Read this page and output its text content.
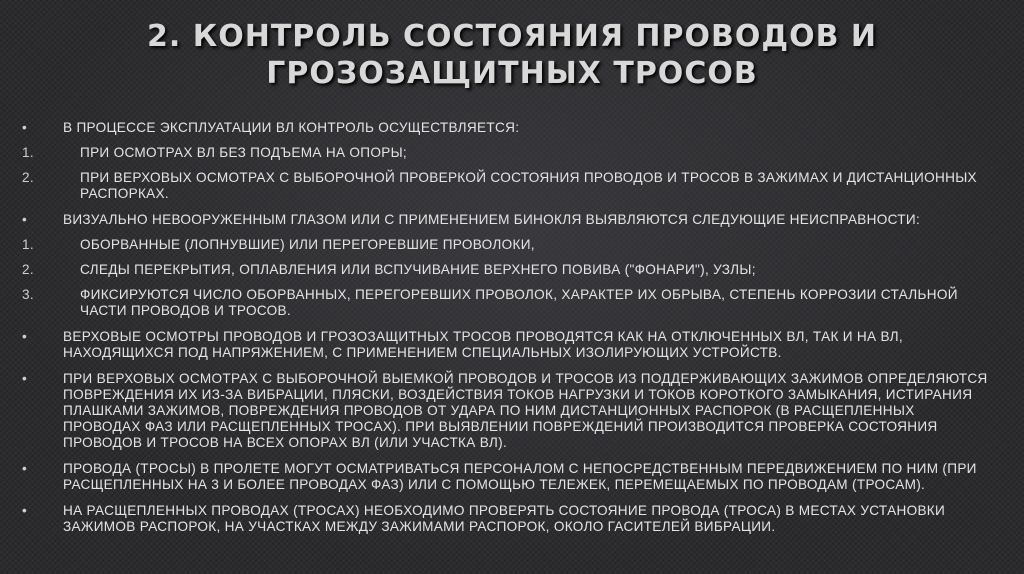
2. КОНТРОЛЬ СОСТОЯНИЯ ПРОВОДОВ И ГРОЗОЗАЩИТНЫХ ТРОСОВ
•	В ПРОЦЕССЕ ЭКСПЛУАТАЦИИ ВЛ КОНТРОЛЬ ОСУЩЕСТВЛЯЕТСЯ:
1.	ПРИ ОСМОТРАХ ВЛ БЕЗ ПОДЪЕМА НА ОПОРЫ;
2.	ПРИ ВЕРХОВЫХ ОСМОТРАХ С ВЫБОРОЧНОЙ ПРОВЕРКОЙ СОСТОЯНИЯ ПРОВОДОВ И ТРОСОВ В ЗАЖИМАХ И ДИСТАНЦИОННЫХ РАСПОРКАХ.
•	ВИЗУАЛЬНО НЕВООРУЖЕННЫМ ГЛАЗОМ ИЛИ С ПРИМЕНЕНИЕМ БИНОКЛЯ ВЫЯВЛЯЮТСЯ СЛЕДУЮЩИЕ НЕИСПРАВНОСТИ:
1.	ОБОРВАННЫЕ (ЛОПНУВШИЕ) ИЛИ ПЕРЕГОРЕВШИЕ ПРОВОЛОКИ,
2.	СЛЕДЫ ПЕРЕКРЫТИЯ, ОПЛАВЛЕНИЯ ИЛИ ВСПУЧИВАНИЕ ВЕРХНЕГО ПОВИВА ("ФОНАРИ"), УЗЛЫ;
3.	ФИКСИРУЮТСЯ ЧИСЛО ОБОРВАННЫХ, ПЕРЕГОРЕВШИХ ПРОВОЛОК, ХАРАКТЕР ИХ ОБРЫВА, СТЕПЕНЬ КОРРОЗИИ СТАЛЬНОЙ ЧАСТИ ПРОВОДОВ И ТРОСОВ.
•	ВЕРХОВЫЕ ОСМОТРЫ ПРОВОДОВ И ГРОЗОЗАЩИТНЫХ ТРОСОВ ПРОВОДЯТСЯ КАК НА ОТКЛЮЧЕННЫХ ВЛ, ТАК И НА ВЛ, НАХОДЯЩИХСЯ ПОД НАПРЯЖЕНИЕМ, С ПРИМЕНЕНИЕМ СПЕЦИАЛЬНЫХ ИЗОЛИРУЮЩИХ УСТРОЙСТВ.
•	ПРИ ВЕРХОВЫХ ОСМОТРАХ С ВЫБОРОЧНОЙ ВЫЕМКОЙ ПРОВОДОВ И ТРОСОВ ИЗ ПОДДЕРЖИВАЮЩИХ ЗАЖИМОВ ОПРЕДЕЛЯЮТСЯ ПОВРЕЖДЕНИЯ ИХ ИЗ-ЗА ВИБРАЦИИ, ПЛЯСКИ, ВОЗДЕЙСТВИЯ ТОКОВ НАГРУЗКИ И ТОКОВ КОРОТКОГО ЗАМЫКАНИЯ, ИСТИРАНИЯ ПЛАШКАМИ ЗАЖИМОВ, ПОВРЕЖДЕНИЯ ПРОВОДОВ ОТ УДАРА ПО НИМ ДИСТАНЦИОННЫХ РАСПОРОК (В РАСЩЕПЛЕННЫХ ПРОВОДАХ ФАЗ ИЛИ РАСЩЕПЛЕННЫХ ТРОСАХ). ПРИ ВЫЯВЛЕНИИ ПОВРЕЖДЕНИЙ ПРОИЗВОДИТСЯ ПРОВЕРКА СОСТОЯНИЯ ПРОВОДОВ И ТРОСОВ НА ВСЕХ ОПОРАХ ВЛ (ИЛИ УЧАСТКА ВЛ).
•	ПРОВОДА (ТРОСЫ) В ПРОЛЕТЕ МОГУТ ОСМАТРИВАТЬСЯ ПЕРСОНАЛОМ С НЕПОСРЕДСТВЕННЫМ ПЕРЕДВИЖЕНИЕМ ПО НИМ (ПРИ РАСЩЕПЛЕННЫХ НА 3 И БОЛЕЕ ПРОВОДАХ ФАЗ) ИЛИ С ПОМОЩЬЮ ТЕЛЕЖЕК, ПЕРЕМЕЩАЕМЫХ ПО ПРОВОДАМ (ТРОСАМ).
•	НА РАСЩЕПЛЕННЫХ ПРОВОДАХ (ТРОСАХ) НЕОБХОДИМО ПРОВЕРЯТЬ СОСТОЯНИЕ ПРОВОДА (ТРОСА) В МЕСТАХ УСТАНОВКИ ЗАЖИМОВ РАСПОРОК, НА УЧАСТКАХ МЕЖДУ ЗАЖИМАМИ РАСПОРОК, ОКОЛО ГАСИТЕЛЕЙ ВИБРАЦИИ.
